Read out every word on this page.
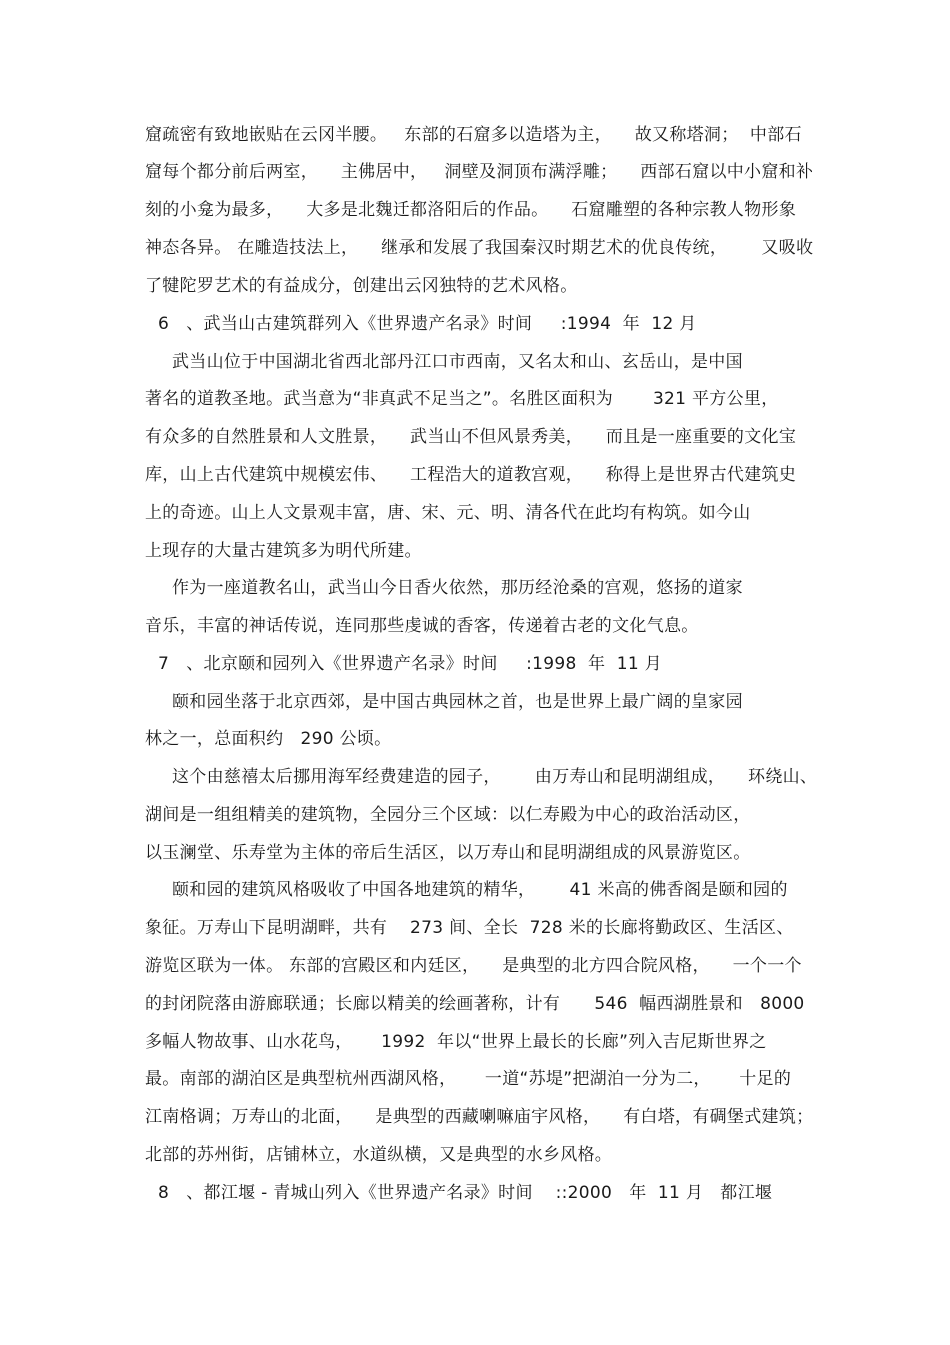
窟疏密有致地嵌贴在云冈半腰。   东部的石窟多以造塔为主，    故又称塔洞；  中部石
窟每个都分前后两室，    主佛居中，   洞壁及洞顶布满浮雕；    西部石窟以中小窟和补
刻的小龛为最多，    大多是北魏迁都洛阳后的作品。    石窟雕塑的各种宗教人物形象
神态各异。 在雕造技法上，    继承和发展了我国秦汉时期艺术的优良传统，      又吸收
了犍陀罗艺术的有益成分，创建出云冈独特的艺术风格。
6   、武当山古建筑群列入《世界遗产名录》时间     :1994  年  12 月
武当山位于中国湖北省西北部丹江口市西南，又名太和山、玄岳山，是中国
著名的道教圣地。武当意为“非真武不足当之”。名胜区面积为       321 平方公里，
有众多的自然胜景和人文胜景，    武当山不但风景秀美，    而且是一座重要的文化宝
库，山上古代建筑中规模宏伟、    工程浩大的道教宫观，    称得上是世界古代建筑史
上的奇迹。山上人文景观丰富，唐、宋、元、明、清各代在此均有构筑。如今山
上现存的大量古建筑多为明代所建。
作为一座道教名山，武当山今日香火依然，那历经沧桑的宫观，悠扬的道家
音乐，丰富的神话传说，连同那些虔诚的香客，传递着古老的文化气息。
7   、北京颐和园列入《世界遗产名录》时间     :1998  年  11 月
颐和园坐落于北京西郊，是中国古典园林之首，也是世界上最广阔的皇家园
林之一，总面积约   290 公顷。
这个由慈禧太后挪用海军经费建造的园子，      由万寿山和昆明湖组成，    环绕山、
湖间是一组组精美的建筑物，全园分三个区域：以仁寿殿为中心的政治活动区，
以玉澜堂、乐寿堂为主体的帝后生活区，以万寿山和昆明湖组成的风景游览区。
颐和园的建筑风格吸收了中国各地建筑的精华，      41 米高的佛香阁是颐和园的
象征。万寿山下昆明湖畔，共有    273 间、全长  728 米的长廊将勤政区、生活区、
游览区联为一体。 东部的宫殿区和内廷区，    是典型的北方四合院风格，    一个一个
的封闭院落由游廊联通；长廊以精美的绘画著称，计有      546  幅西湖胜景和   8000
多幅人物故事、山水花鸟，     1992  年以“世界上最长的长廊”列入吉尼斯世界之
最。南部的湖泊区是典型杭州西湖风格，     一道“苏堤”把湖泊一分为二，     十足的
江南格调；万寿山的北面，    是典型的西藏喇嘛庙宇风格，    有白塔，有碉堡式建筑；
北部的苏州街，店铺林立，水道纵横，又是典型的水乡风格。
8   、都江堰 - 青城山列入《世界遗产名录》时间    ::2000   年  11 月   都江堰
